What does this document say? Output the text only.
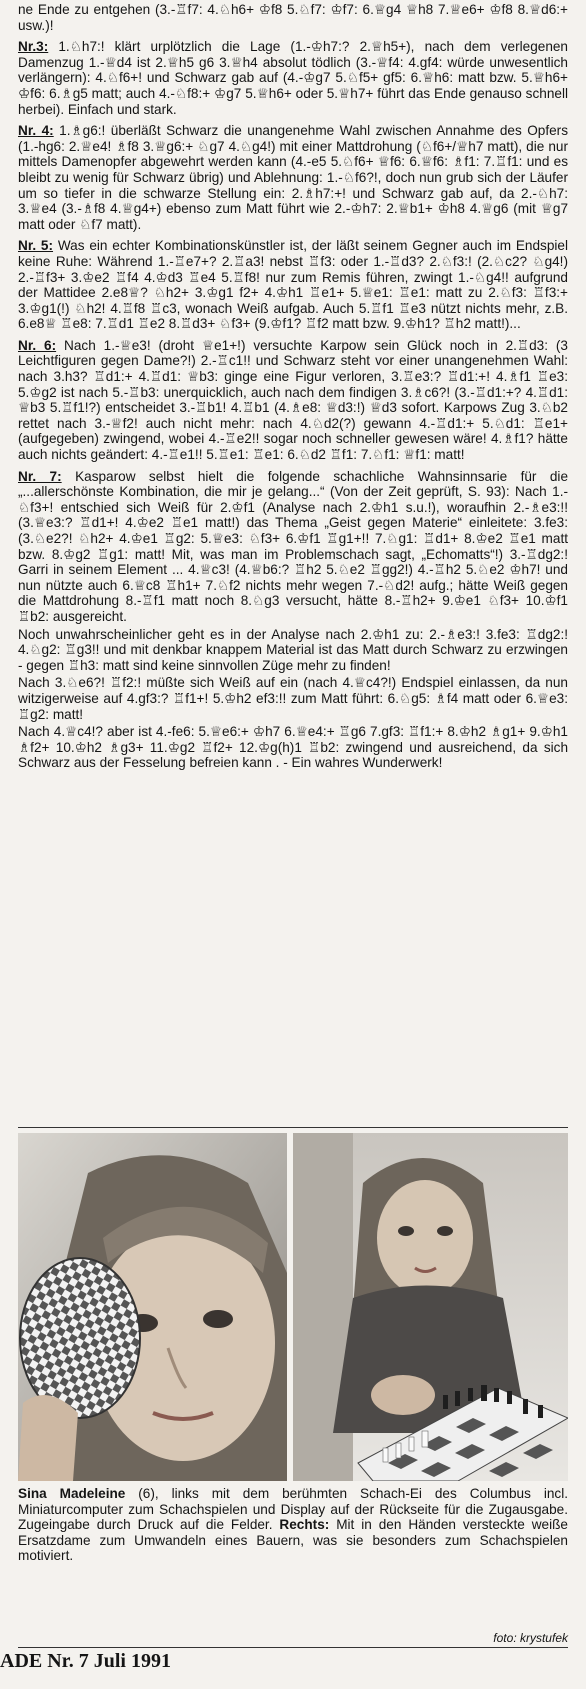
ne Ende zu entgehen (3.-♖f7: 4.♘h6+ ♔f8 5.♘f7: ♔f7: 6.♕g4 ♕h8 7.♕e6+ ♔f8 8.♕d6:+ usw.)!

Nr.3: 1.♘h7:! klärt urplötzlich die Lage (1.-♔h7:? 2.♕h5+), nach dem verlegenen Damenzug 1.-♕d4 ist 2.♕h5 g6 3.♕h4 absolut tödlich (3.-♕f4: 4.gf4: würde unwesentlich verlängern): 4.♘f6+! und Schwarz gab auf (4.-♔g7 5.♘f5+ gf5: 6.♕h6: matt bzw. 5.♕h6+ ♔f6: 6.♗g5 matt; auch 4.-♘f8:+ ♔g7 5.♕h6+ oder 5.♕h7+ führt das Ende genauso schnell herbei). Einfach und stark.

Nr. 4: 1.♗g6:! überläßt Schwarz die unangenehme Wahl zwischen Annahme des Opfers (1.-hg6: 2.♕e4! ♗f8 3.♕g6:+ ♘g7 4.♘g4!) mit einer Mattdrohung (♘f6+/♕h7 matt), die nur mittels Damenopfer abgewehrt werden kann (4.-e5 5.♘f6+ ♕f6: 6.♕f6: ♗f1: 7.♖f1: und es bleibt zu wenig für Schwarz übrig) und Ablehnung: 1.-♘f6?!, doch nun grub sich der Läufer um so tiefer in die schwarze Stellung ein: 2.♗h7:+! und Schwarz gab auf, da 2.-♘h7: 3.♕e4 (3.-♗f8 4.♕g4+) ebenso zum Matt führt wie 2.-♔h7: 2.♕b1+ ♔h8 4.♕g6 (mit ♕g7 matt oder ♘f7 matt).

Nr. 5: Was ein echter Kombinationskünstler ist, der läßt seinem Gegner auch im Endspiel keine Ruhe: Während 1.-♖e7+? 2.♖a3! nebst ♖f3: oder 1.-♖d3? 2.♘f3:! (2.♘c2? ♘g4!) 2.-♖f3+ 3.♔e2 ♖f4 4.♔d3 ♖e4 5.♖f8! nur zum Remis führen, zwingt 1.-♘g4!! aufgrund der Mattidee 2.e8♕? ♘h2+ 3.♔g1 f2+ 4.♔h1 ♖e1+ 5.♕e1: ♖e1: matt zu 2.♘f3: ♖f3:+ 3.♔g1(!) ♘h2! 4.♖f8 ♖c3, wonach Weiß aufgab. Auch 5.♖f1 ♖e3 nützt nichts mehr, z.B. 6.e8♕ ♖e8: 7.♖d1 ♖e2 8.♖d3+ ♘f3+ (9.♔f1? ♖f2 matt bzw. 9.♔h1? ♖h2 matt!)...

Nr. 6: Nach 1.-♕e3! (droht ♕e1+!) versuchte Karpow sein Glück noch in 2.♖d3: (3 Leichtfiguren gegen Dame?!) 2.-♖c1!! und Schwarz steht vor einer unangenehmen Wahl: nach 3.h3? ♖d1:+ 4.♖d1: ♕b3: ginge eine Figur verloren, 3.♖e3:? ♖d1:+! 4.♗f1 ♖e3: 5.♔g2 ist nach 5.-♖b3: unerquicklich, auch nach dem findigen 3.♗c6?! (3.-♖d1:+? 4.♖d1: ♕b3 5.♖f1!?) entscheidet 3.-♖b1! 4.♖b1 (4.♗e8: ♕d3:!) ♕d3 sofort. Karpows Zug 3.♘b2 rettet nach 3.-♕f2! auch nicht mehr: nach 4.♘d2(?) gewann 4.-♖d1:+ 5.♘d1: ♖e1+ (aufgegeben) zwingend, wobei 4.-♖e2!! sogar noch schneller gewesen wäre! 4.♗f1? hätte auch nichts geändert: 4.-♖e1!! 5.♖e1: ♖e1: 6.♘d2 ♖f1: 7.♘f1: ♕f1: matt!

Nr. 7: Kasparow selbst hielt die folgende schachliche Wahnsinnsarie für die „...allerschönste Kombination, die mir je gelang...“ (Von der Zeit geprüft, S. 93): Nach 1.-♘f3+! entschied sich Weiß für 2.♔f1 (Analyse nach 2.♔h1 s.u.!), woraufhin 2.-♗e3:!! (3.♕e3:? ♖d1+! 4.♔e2 ♖e1 matt!) das Thema „Geist gegen Materie“ einleitete: 3.fe3: (3.♘e2?! ♘h2+ 4.♔e1 ♖g2: 5.♕e3: ♘f3+ 6.♔f1 ♖g1+!! 7.♘g1: ♖d1+ 8.♔e2 ♖e1 matt bzw. 8.♔g2 ♖g1: matt! Mit, was man im Problemschach sagt, „Echomatts“!) 3.-♖dg2:! Garri in seinem Element ... 4.♕c3! (4.♕b6:? ♖h2 5.♘e2 ♖gg2!) 4.-♖h2 5.♘e2 ♔h7! und nun nützte auch 6.♕c8 ♖h1+ 7.♘f2 nichts mehr wegen 7.-♘d2! aufg.; hätte Weiß gegen die Mattdrohung 8.-♖f1 matt noch 8.♘g3 versucht, hätte 8.-♖h2+ 9.♔e1 ♘f3+ 10.♔f1 ♖b2: ausgereicht.

Noch unwahrscheinlicher geht es in der Analyse nach 2.♔h1 zu: 2.-♗e3:! 3.fe3: ♖dg2:! 4.♘g2: ♖g3!! und mit denkbar knappem Material ist das Matt durch Schwarz zu erzwingen - gegen ♖h3: matt sind keine sinnvollen Züge mehr zu finden!

Nach 3.♘e6?! ♖f2:! müßte sich Weiß auf ein (nach 4.♕c4?!) Endspiel einlassen, da nun witzigerweise auf 4.gf3:? ♖f1+! 5.♔h2 ef3:!! zum Matt führt: 6.♘g5: ♗f4 matt oder 6.♕e3: ♖g2: matt!

Nach 4.♕c4!? aber ist 4.-fe6: 5.♕e6:+ ♔h7 6.♕e4:+ ♖g6 7.gf3: ♖f1:+ 8.♔h2 ♗g1+ 9.♔h1 ♗f2+ 10.♔h2 ♗g3+ 11.♔g2 ♖f2+ 12.♔g(h)1 ♖b2: zwingend und ausreichend, da sich Schwarz aus der Fesselung befreien kann . - Ein wahres Wunderwerk!

Sina Madeleine (6), links mit dem berühmten Schach-Ei des Columbus incl. Miniaturcomputer zum Schachspielen und Display auf der Rückseite für die Zugausgabe. Zugeingabe durch Druck auf die Felder. Rechts: Mit in den Händen versteckte weiße Ersatzdame zum Umwandeln eines Bauern, was sie besonders zum Schachspielen motiviert.
foto: krystufek
ADE Nr. 7 Juli 1991
